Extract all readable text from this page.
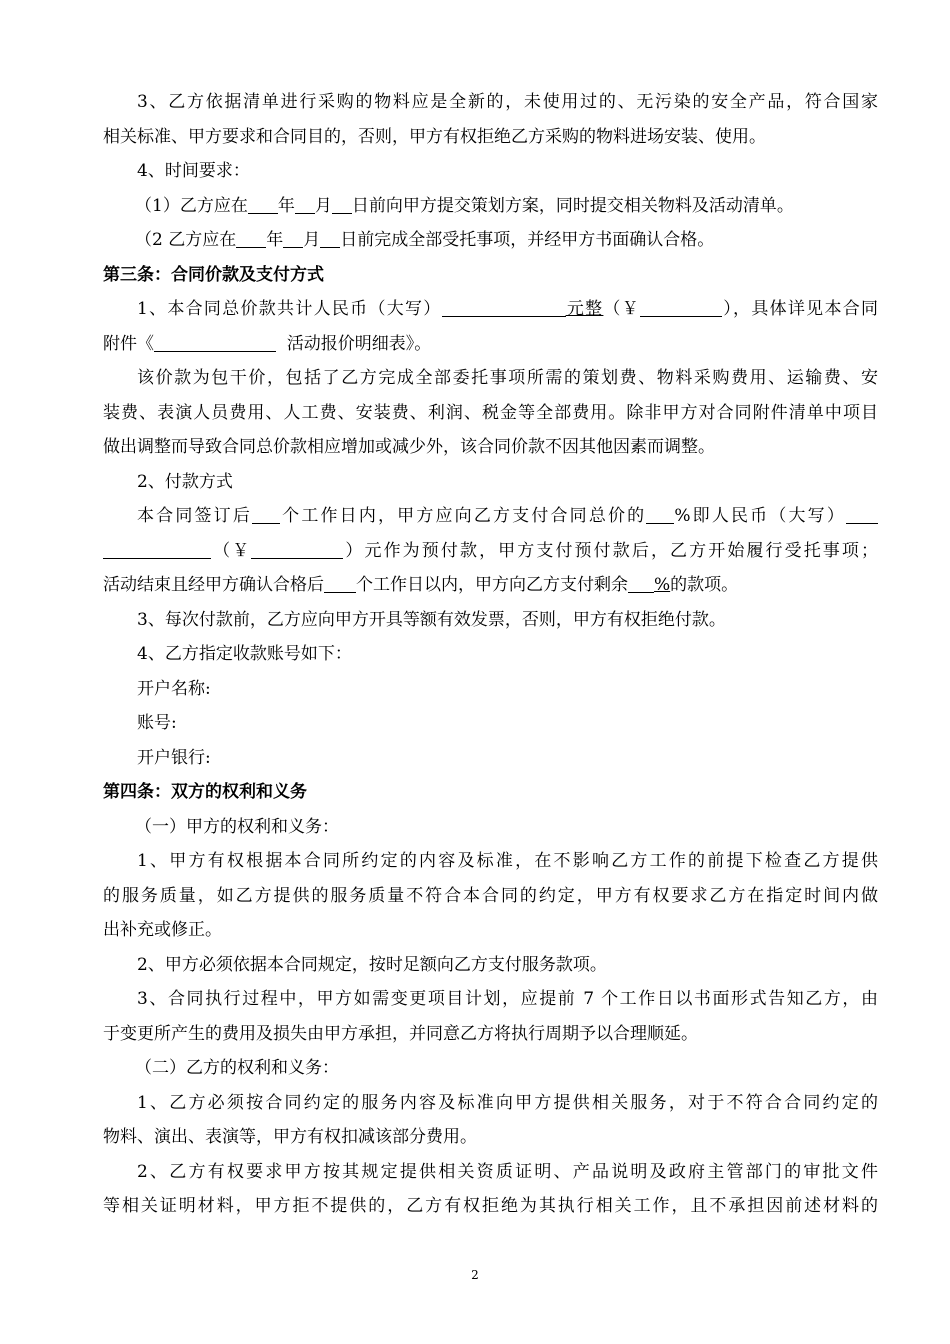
3、乙方依据清单进行采购的物料应是全新的，未使用过的、无污染的安全产品，符合国家
相关标准、甲方要求和合同目的，否则，甲方有权拒绝乙方采购的物料进场安装、使用。
4、时间要求：
（1）乙方应在 年 月 日前向甲方提交策划方案，同时提交相关物料及活动清单。
（2 乙方应在 年 月 日前完成全部受托事项，并经甲方书面确认合格。
第三条：合同价款及支付方式
1、本合同总价款共计人民币（大写）	元整（￥	），具体详见本合同
附件《	活动报价明细表》。
该价款为包干价，包括了乙方完成全部委托事项所需的策划费、物料采购费用、运输费、安
装费、表演人员费用、人工费、安装费、利润、税金等全部费用。除非甲方对合同附件清单中项目
做出调整而导致合同总价款相应增加或减少外，该合同价款不因其他因素而调整。
2、付款方式
本合同签订后 个工作日内，甲方应向乙方支付合同总价的 %即人民币（大写）
（￥	）元作为预付款，甲方支付预付款后，乙方开始履行受托事项；
活动结束且经甲方确认合格后 个工作日以内，甲方向乙方支付剩余 %的款项。
3、每次付款前，乙方应向甲方开具等额有效发票，否则，甲方有权拒绝付款。
4、乙方指定收款账号如下：
开户名称:
账号:
开户银行:
第四条：双方的权利和义务
（一）甲方的权利和义务：
1、甲方有权根据本合同所约定的内容及标准，在不影响乙方工作的前提下检查乙方提供
的服务质量，如乙方提供的服务质量不符合本合同的约定，甲方有权要求乙方在指定时间内做
出补充或修正。
2、甲方必须依据本合同规定，按时足额向乙方支付服务款项。
3、合同执行过程中，甲方如需变更项目计划，应提前 7 个工作日以书面形式告知乙方，由
于变更所产生的费用及损失由甲方承担，并同意乙方将执行周期予以合理顺延。
（二）乙方的权利和义务：
1、乙方必须按合同约定的服务内容及标准向甲方提供相关服务，对于不符合合同约定的
物料、演出、表演等，甲方有权扣减该部分费用。
2、乙方有权要求甲方按其规定提供相关资质证明、产品说明及政府主管部门的审批文件
等相关证明材料，甲方拒不提供的，乙方有权拒绝为其执行相关工作，且不承担因前述材料的
2
